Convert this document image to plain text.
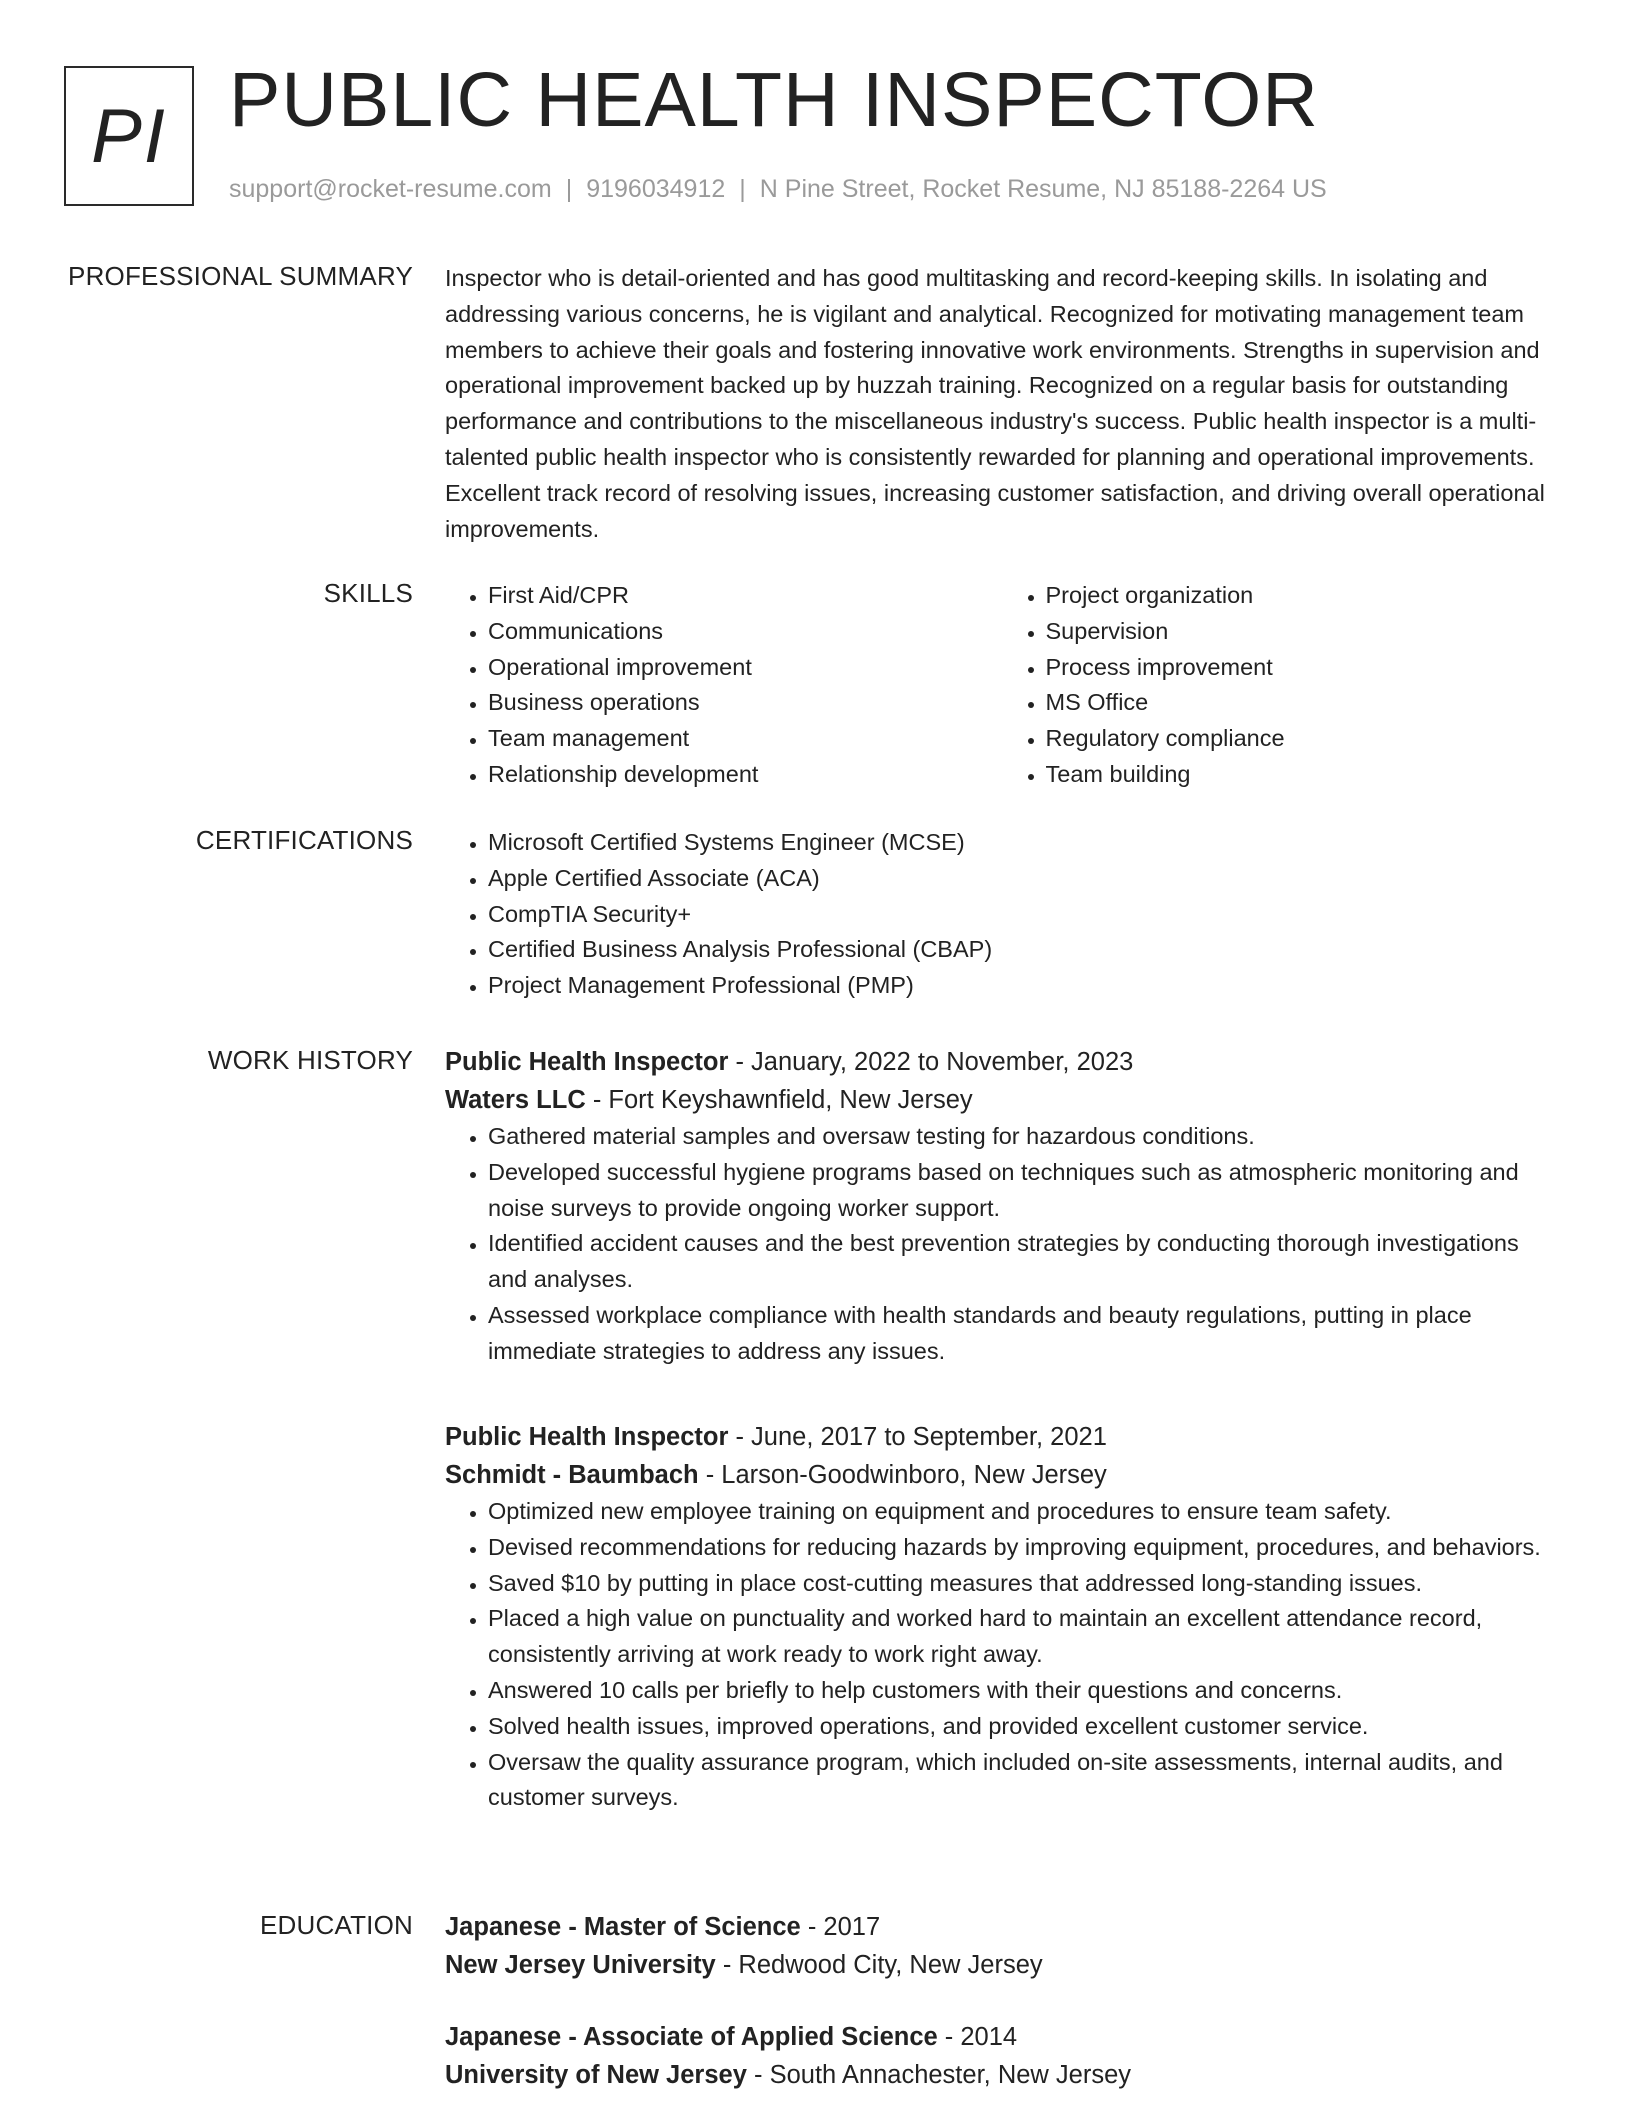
PI PUBLIC HEALTH INSPECTOR
support@rocket-resume.com | 9196034912 | N Pine Street, Rocket Resume, NJ 85188-2264 US
PROFESSIONAL SUMMARY Inspector who is detail-oriented and has good multitasking and record-keeping skills. In isolating and addressing various concerns, he is vigilant and analytical. Recognized for motivating management team members to achieve their goals and fostering innovative work environments. Strengths in supervision and operational improvement backed up by huzzah training. Recognized on a regular basis for outstanding performance and contributions to the miscellaneous industry's success. Public health inspector is a multi-talented public health inspector who is consistently rewarded for planning and operational improvements. Excellent track record of resolving issues, increasing customer satisfaction, and driving overall operational improvements.

SKILLS	• First Aid/CPR
• Communications
• Operational improvement
• Business operations
• Team management
• Relationship development
• Project organization
• Supervision
• Process improvement
• MS Office
• Regulatory compliance
• Team building
CERTIFICATIONS	• Microsoft Certified Systems Engineer (MCSE)
• Apple Certified Associate (ACA)
• CompTIA Security+
• Certified Business Analysis Professional (CBAP)
• Project Management Professional (PMP)
WORK HISTORY Public Health Inspector - January, 2022 to November, 2023
Waters LLC - Fort Keyshawnfield, New Jersey
• Gathered material samples and oversaw testing for hazardous conditions.
• Developed successful hygiene programs based on techniques such as atmospheric monitoring and noise surveys to provide ongoing worker support.
• Identified accident causes and the best prevention strategies by conducting thorough investigations and analyses.
• Assessed workplace compliance with health standards and beauty regulations, putting in place immediate strategies to address any issues.
Public Health Inspector - June, 2017 to September, 2021
Schmidt - Baumbach - Larson-Goodwinboro, New Jersey
• Optimized new employee training on equipment and procedures to ensure team safety.
• Devised recommendations for reducing hazards by improving equipment, procedures, and behaviors.
• Saved $10 by putting in place cost-cutting measures that addressed long-standing issues.
• Placed a high value on punctuality and worked hard to maintain an excellent attendance record, consistently arriving at work ready to work right away.
• Answered 10 calls per briefly to help customers with their questions and concerns.
• Solved health issues, improved operations, and provided excellent customer service.
• Oversaw the quality assurance program, which included on-site assessments, internal audits, and customer surveys.
EDUCATION Japanese - Master of Science - 2017
New Jersey University - Redwood City, New Jersey
Japanese - Associate of Applied Science - 2014
University of New Jersey - South Annachester, New Jersey
